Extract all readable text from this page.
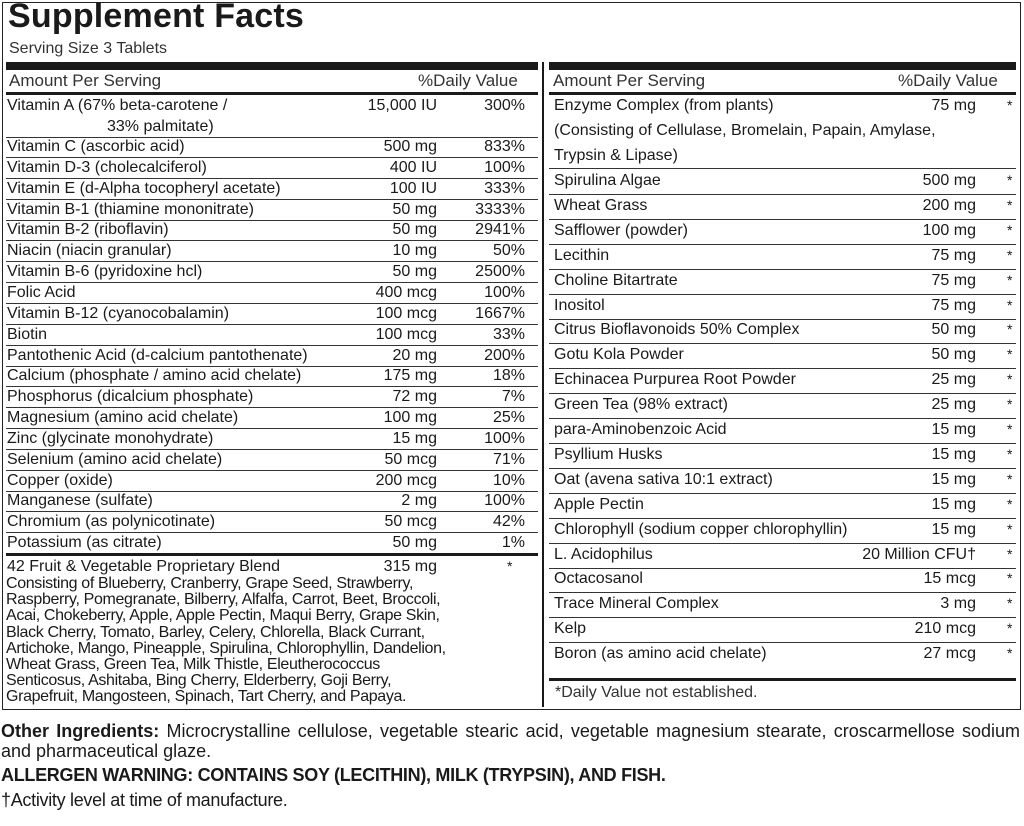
Supplement Facts
Serving Size 3 Tablets
Amount Per Serving	%Daily Value Amount Per Serving	%Daily Value
Vitamin A (67% beta-carotene /	15,000 IU	300%
33% palmitate)
Vitamin C (ascorbic acid)	500 mg	833%
Vitamin D-3 (cholecalciferol)	400 IU	100%
Vitamin E (d-Alpha tocopheryl acetate)	100 IU	333%
Vitamin B-1 (thiamine mononitrate)	50 mg	3333%
Vitamin B-2 (riboflavin)	50 mg	2941%
Niacin (niacin granular)	10 mg	50%
Vitamin B-6 (pyridoxine hcl)	50 mg	2500%
Folic Acid	400 mcg	100%
Vitamin B-12 (cyanocobalamin)	100 mcg	1667%
Biotin	100 mcg	33%
Pantothenic Acid (d-calcium pantothenate)	20 mg	200%
Calcium (phosphate / amino acid chelate)	175 mg	18%
Phosphorus (dicalcium phosphate)	72 mg	7%
Magnesium (amino acid chelate)	100 mg	25%
Zinc (glycinate monohydrate)	15 mg	100%
Selenium (amino acid chelate)	50 mcg	71%
Copper (oxide)	200 mcg	10%
Manganese (sulfate)	2 mg	100%
Chromium (as polynicotinate)	50 mcg	42%
Potassium (as citrate)	50 mg	1%
42 Fruit & Vegetable Proprietary Blend	315 mg	*
Consisting of Blueberry, Cranberry, Grape Seed, Strawberry,
Raspberry, Pomegranate, Bilberry, Alfalfa, Carrot, Beet, Broccoli,
Acai, Chokeberry, Apple, Apple Pectin, Maqui Berry, Grape Skin,
Black Cherry, Tomato, Barley, Celery, Chlorella, Black Currant,
Artichoke, Mango, Pineapple, Spirulina, Chlorophyllin, Dandelion,
Wheat Grass, Green Tea, Milk Thistle, Eleutherococcus
Senticosus, Ashitaba, Bing Cherry, Elderberry, Goji Berry,
Grapefruit, Mangosteen, Spinach, Tart Cherry, and Papaya.
Enzyme Complex (from plants)	75 mg *
(Consisting of Cellulase, Bromelain, Papain, Amylase,
Trypsin & Lipase)
Spirulina Algae	500 mg *
Wheat Grass	200 mg *
Safflower (powder)	100 mg *
Lecithin	75 mg *
Choline Bitartrate	75 mg *
Inositol	75 mg *
Citrus Bioflavonoids 50% Complex	50 mg *
Gotu Kola Powder	50 mg *
Echinacea Purpurea Root Powder	25 mg *
Green Tea (98% extract)	25 mg *
para-Aminobenzoic Acid	15 mg *
Psyllium Husks	15 mg *
Oat (avena sativa 10:1 extract)	15 mg *
Apple Pectin	15 mg *
Chlorophyll (sodium copper chlorophyllin)	15 mg *
L. Acidophilus	20 Million CFU† *
Octacosanol	15 mcg *
Trace Mineral Complex	3 mg *
Kelp	210 mcg *
Boron (as amino acid chelate)	27 mcg *
*Daily Value not established.
Other Ingredients: Microcrystalline cellulose, vegetable stearic acid, vegetable magnesium stearate, croscarmellose sodium and pharmaceutical glaze.
ALLERGEN WARNING: CONTAINS SOY (LECITHIN), MILK (TRYPSIN), AND FISH.
†Activity level at time of manufacture.
